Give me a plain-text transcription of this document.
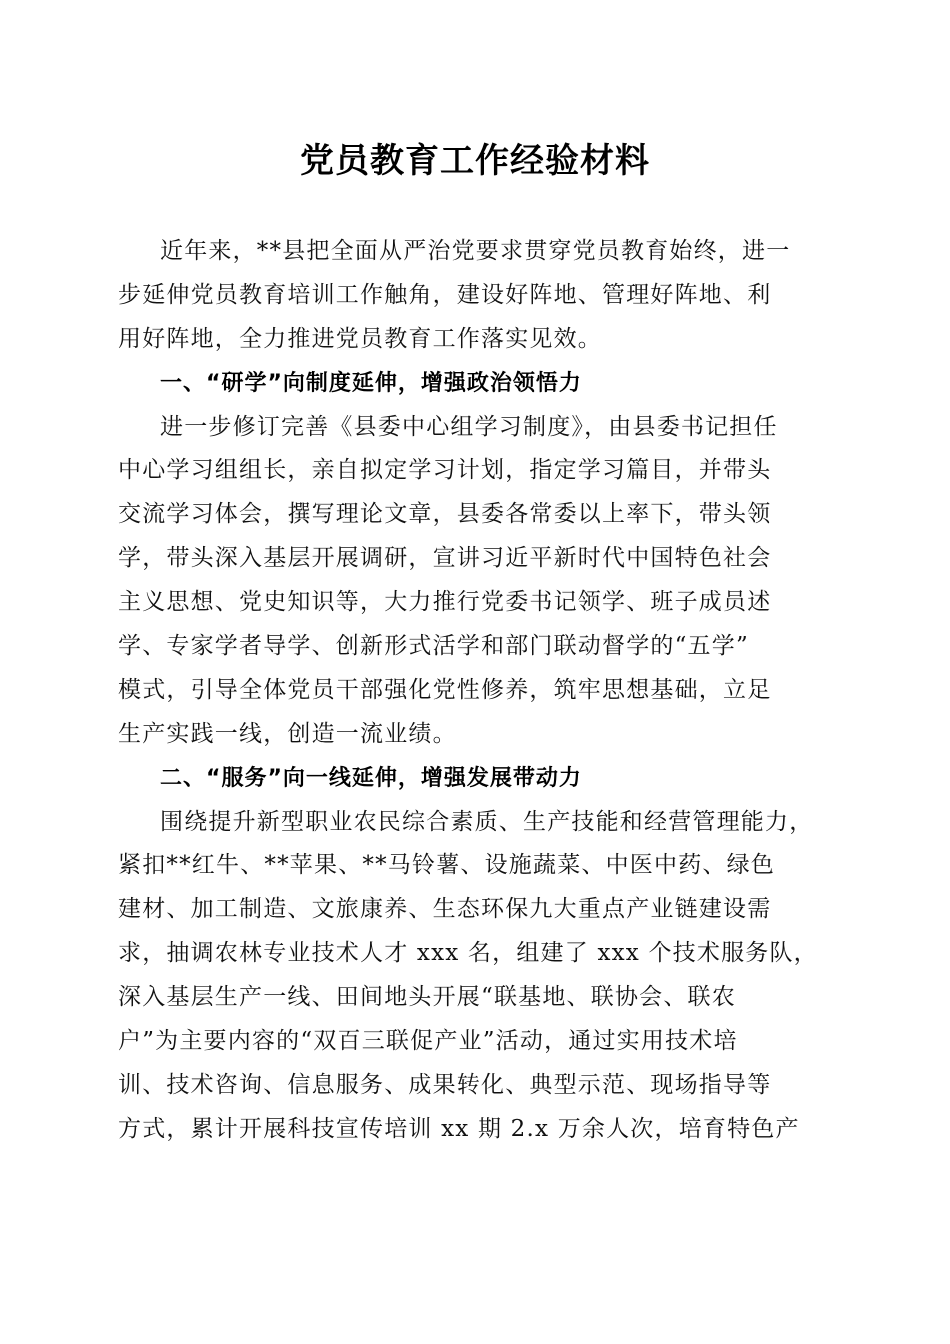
党员教育工作经验材料
近年来，**县把全面从严治党要求贯穿党员教育始终，进一
步延伸党员教育培训工作触角，建设好阵地、管理好阵地、利
用好阵地，全力推进党员教育工作落实见效。
一、“研学”向制度延伸，增强政治领悟力
进一步修订完善《县委中心组学习制度》，由县委书记担任
中心学习组组长，亲自拟定学习计划，指定学习篇目，并带头
交流学习体会，撰写理论文章，县委各常委以上率下，带头领
学，带头深入基层开展调研，宣讲习近平新时代中国特色社会
主义思想、党史知识等，大力推行党委书记领学、班子成员述
学、专家学者导学、创新形式活学和部门联动督学的“五学”
模式，引导全体党员干部强化党性修养，筑牢思想基础，立足
生产实践一线，创造一流业绩。
二、“服务”向一线延伸，增强发展带动力
围绕提升新型职业农民综合素质、生产技能和经营管理能力，
紧扣**红牛、**苹果、**马铃薯、设施蔬菜、中医中药、绿色
建材、加工制造、文旅康养、生态环保九大重点产业链建设需
求，抽调农林专业技术人才 xxx 名，组建了 xxx 个技术服务队，
深入基层生产一线、田间地头开展“联基地、联协会、联农
户”为主要内容的“双百三联促产业”活动，通过实用技术培
训、技术咨询、信息服务、成果转化、典型示范、现场指导等
方式，累计开展科技宣传培训 xx 期 2.x 万余人次，培育特色产
